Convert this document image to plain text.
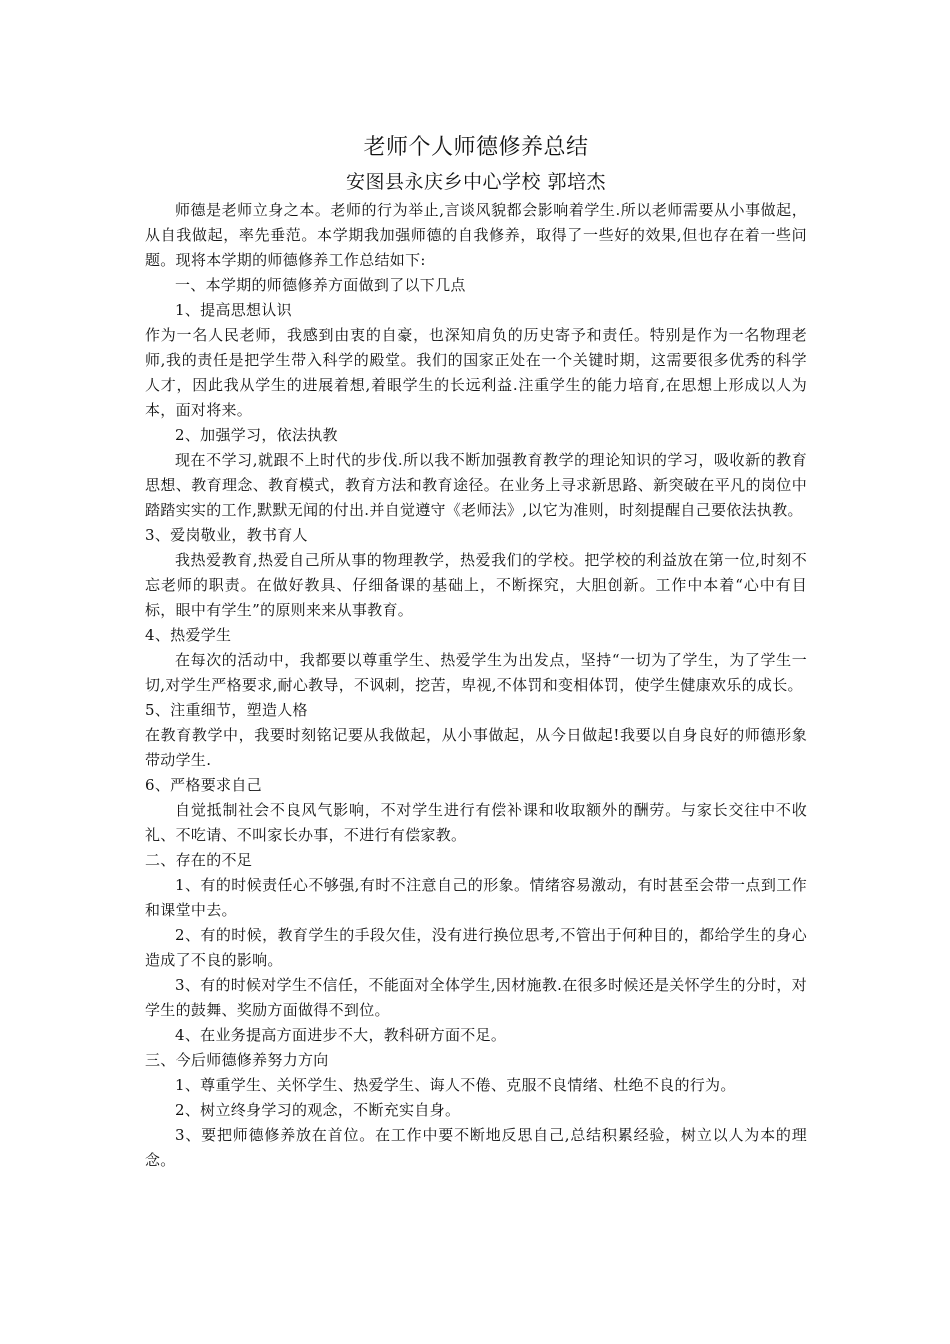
老师个人师德修养总结
安图县永庆乡中心学校 郭培杰

师德是老师立身之本。老师的行为举止,言谈风貌都会影响着学生.所以老师需要从小事做起，从自我做起，率先垂范。本学期我加强师德的自我修养，取得了一些好的效果,但也存在着一些问题。现将本学期的师德修养工作总结如下:

一、本学期的师德修养方面做到了以下几点

1、提高思想认识

作为一名人民老师，我感到由衷的自豪，也深知肩负的历史寄予和责任。特别是作为一名物理老师,我的责任是把学生带入科学的殿堂。我们的国家正处在一个关键时期，这需要很多优秀的科学人才，因此我从学生的进展着想,着眼学生的长远利益.注重学生的能力培育,在思想上形成以人为本，面对将来。

2、加强学习，依法执教

现在不学习,就跟不上时代的步伐.所以我不断加强教育教学的理论知识的学习，吸收新的教育思想、教育理念、教育模式，教育方法和教育途径。在业务上寻求新思路、新突破在平凡的岗位中踏踏实实的工作,默默无闻的付出.并自觉遵守《老师法》,以它为准则，时刻提醒自己要依法执教。

3、爱岗敬业，教书育人

我热爱教育,热爱自己所从事的物理教学，热爱我们的学校。把学校的利益放在第一位,时刻不忘老师的职责。在做好教具、仔细备课的基础上，不断探究，大胆创新。工作中本着“心中有目标，眼中有学生”的原则来来从事教育。

4、热爱学生

在每次的活动中，我都要以尊重学生、热爱学生为出发点，坚持“一切为了学生，为了学生一切,对学生严格要求,耐心教导，不讽刺，挖苦，卑视,不体罚和变相体罚，使学生健康欢乐的成长。

5、注重细节，塑造人格

在教育教学中，我要时刻铭记要从我做起，从小事做起，从今日做起!我要以自身良好的师德形象带动学生.

6、严格要求自己

自觉抵制社会不良风气影响，不对学生进行有偿补课和收取额外的酬劳。与家长交往中不收礼、不吃请、不叫家长办事，不进行有偿家教。

二、存在的不足

1、有的时候责任心不够强,有时不注意自己的形象。情绪容易激动，有时甚至会带一点到工作和课堂中去。

2、有的时候，教育学生的手段欠佳，没有进行换位思考,不管出于何种目的，都给学生的身心造成了不良的影响。

3、有的时候对学生不信任，不能面对全体学生,因材施教.在很多时候还是关怀学生的分时，对学生的鼓舞、奖励方面做得不到位。

4、在业务提高方面进步不大，教科研方面不足。

三、今后师德修养努力方向

1、尊重学生、关怀学生、热爱学生、诲人不倦、克服不良情绪、杜绝不良的行为。

2、树立终身学习的观念，不断充实自身。

3、要把师德修养放在首位。在工作中要不断地反思自己,总结积累经验，树立以人为本的理念。
